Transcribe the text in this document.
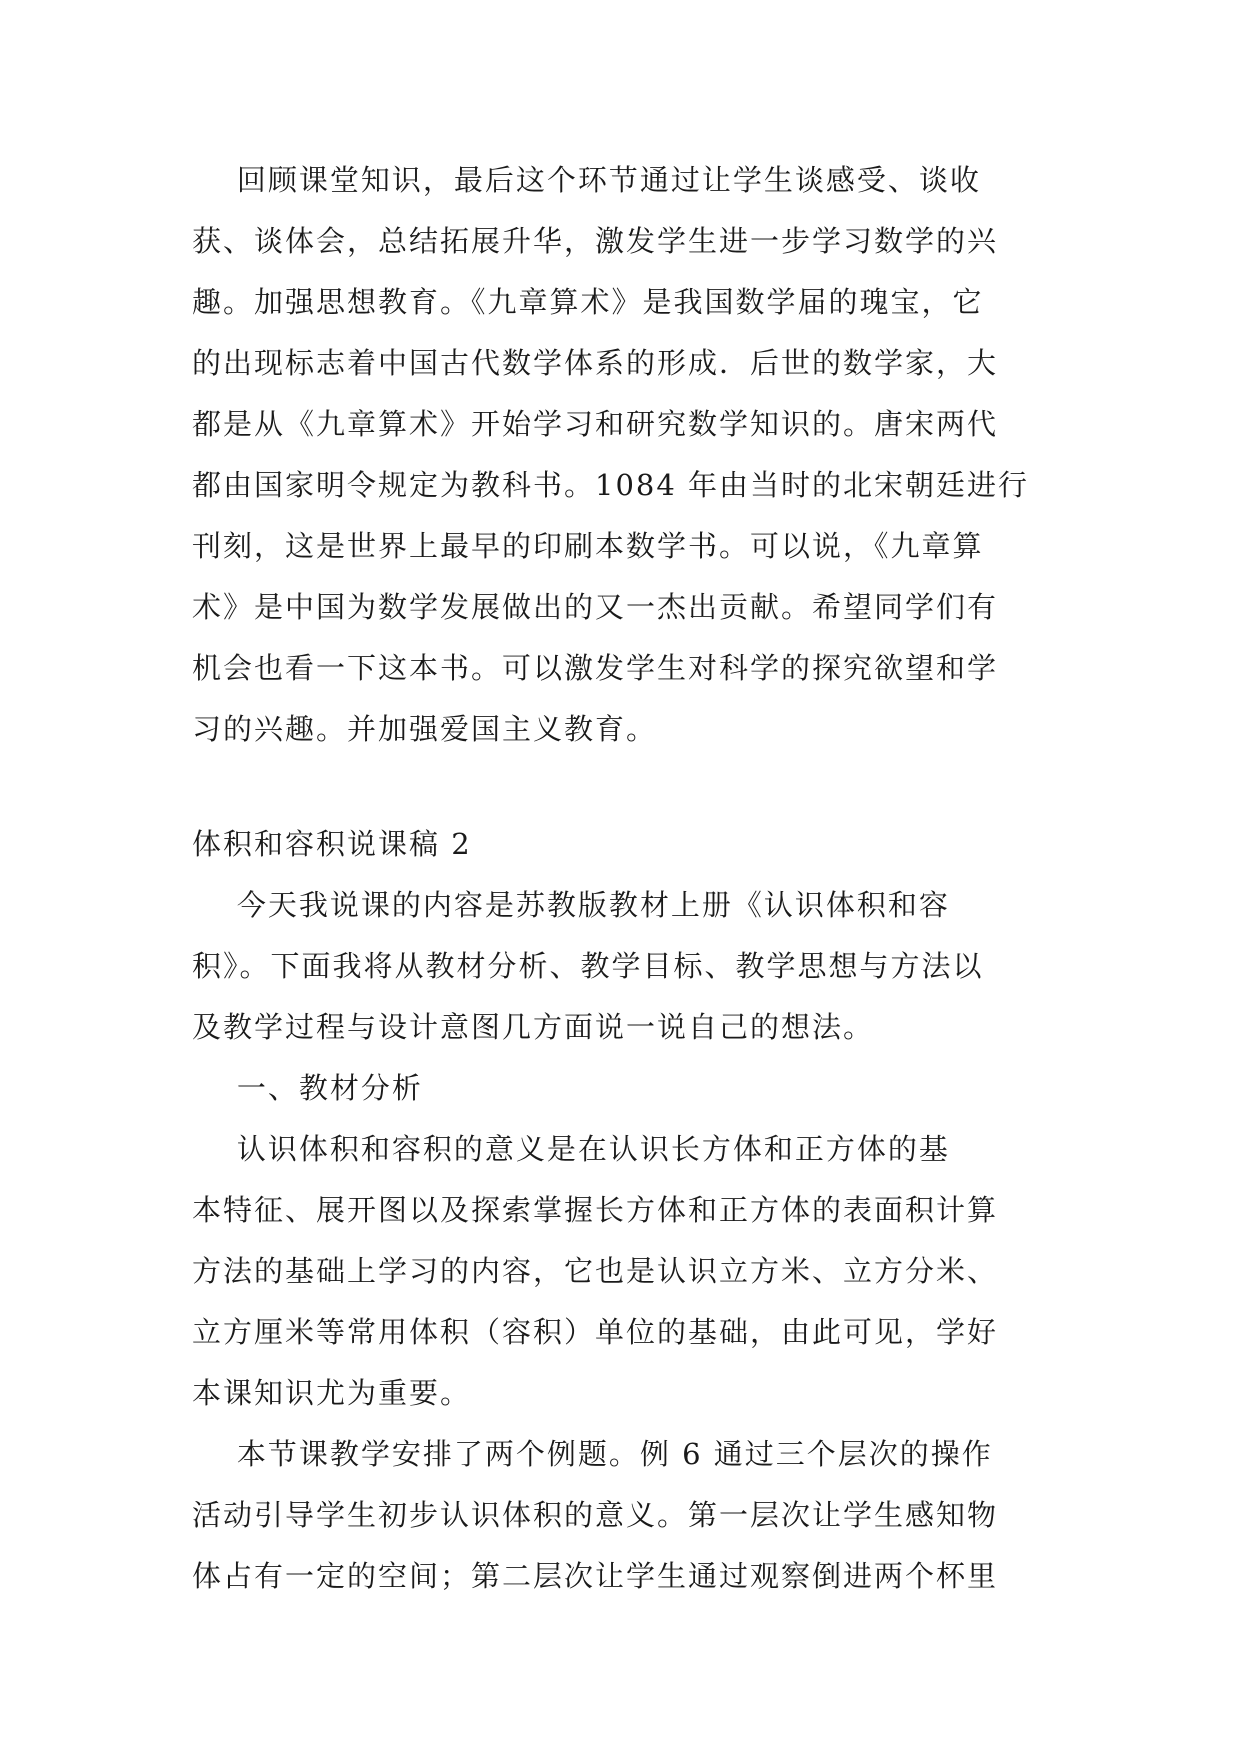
回顾课堂知识，最后这个环节通过让学生谈感受、谈收
获、谈体会，总结拓展升华，激发学生进一步学习数学的兴
趣。加强思想教育。《九章算术》是我国数学届的瑰宝，它
的出现标志着中国古代数学体系的形成．后世的数学家，大
都是从《九章算术》开始学习和研究数学知识的。唐宋两代
都由国家明令规定为教科书。1084 年由当时的北宋朝廷进行
刊刻，这是世界上最早的印刷本数学书。可以说，《九章算
术》是中国为数学发展做出的又一杰出贡献。希望同学们有
机会也看一下这本书。可以激发学生对科学的探究欲望和学
习的兴趣。并加强爱国主义教育。
体积和容积说课稿 2
今天我说课的内容是苏教版教材上册《认识体积和容
积》。下面我将从教材分析、教学目标、教学思想与方法以
及教学过程与设计意图几方面说一说自己的想法。
一、教材分析
认识体积和容积的意义是在认识长方体和正方体的基
本特征、展开图以及探索掌握长方体和正方体的表面积计算
方法的基础上学习的内容，它也是认识立方米、立方分米、
立方厘米等常用体积（容积）单位的基础，由此可见，学好
本课知识尤为重要。
本节课教学安排了两个例题。例 6 通过三个层次的操作
活动引导学生初步认识体积的意义。第一层次让学生感知物
体占有一定的空间；第二层次让学生通过观察倒进两个杯里
